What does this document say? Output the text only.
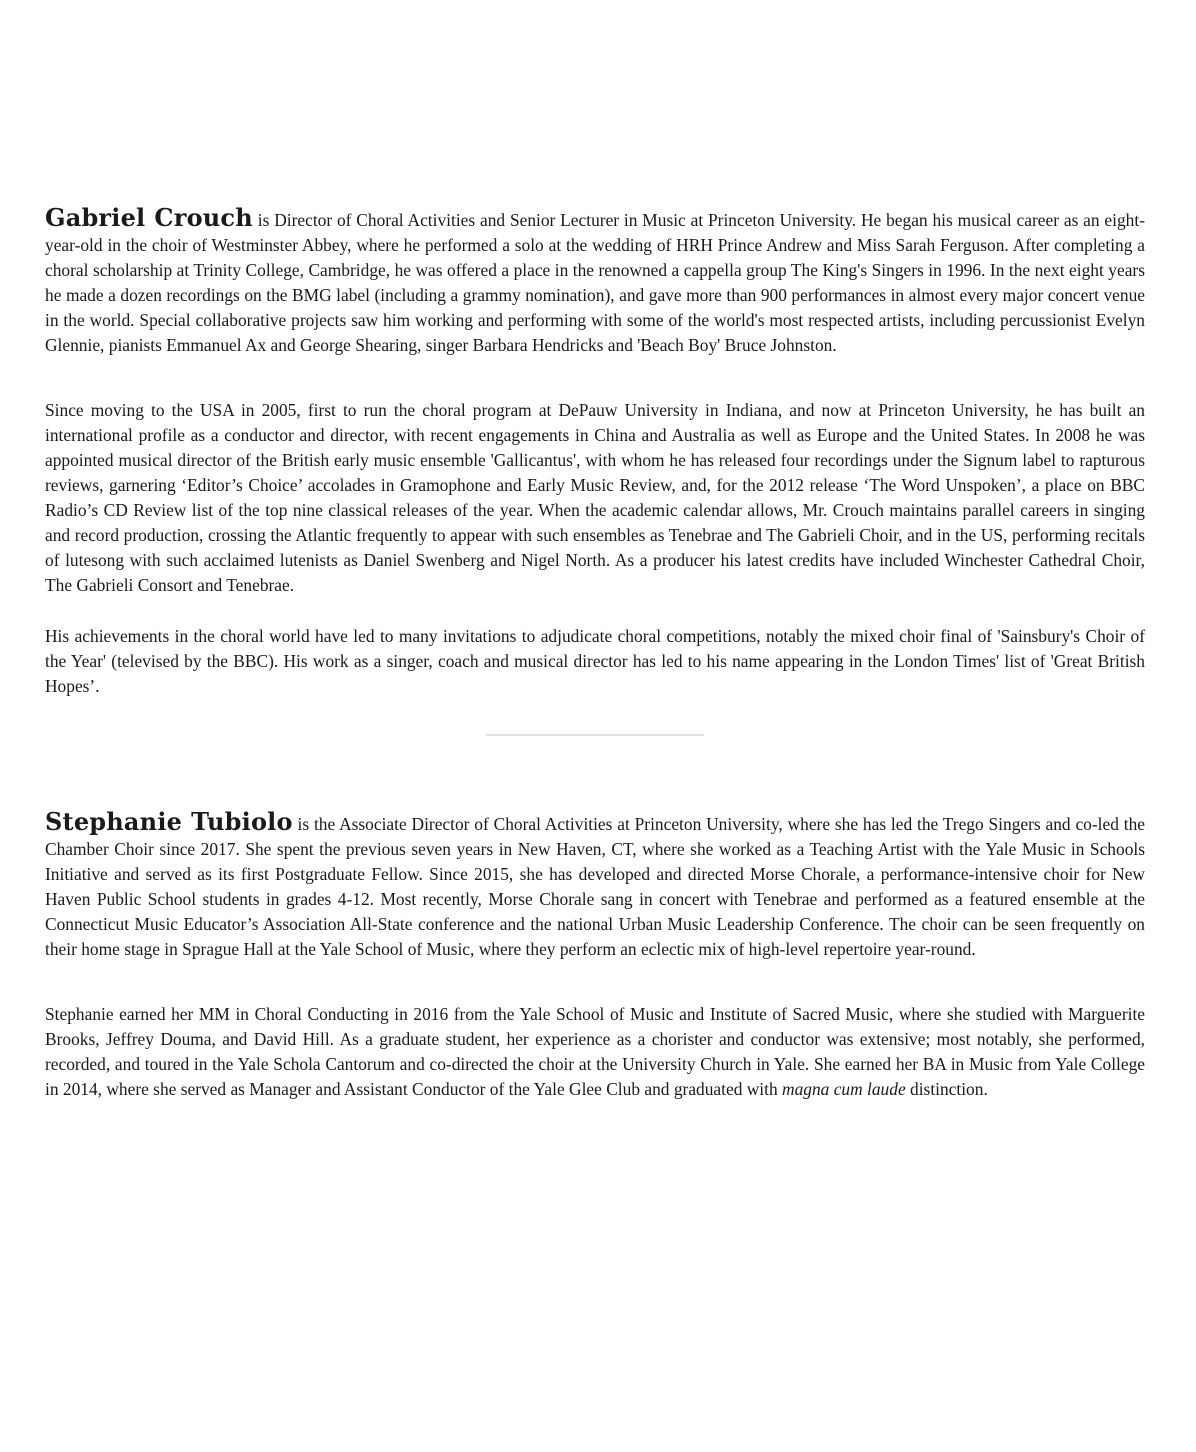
Gabriel Crouch is Director of Choral Activities and Senior Lecturer in Music at Princeton University. He began his musical career as an eight-year-old in the choir of Westminster Abbey, where he performed a solo at the wedding of HRH Prince Andrew and Miss Sarah Ferguson. After completing a choral scholarship at Trinity College, Cambridge, he was offered a place in the renowned a cappella group The King's Singers in 1996. In the next eight years he made a dozen recordings on the BMG label (including a grammy nomination), and gave more than 900 performances in almost every major concert venue in the world. Special collaborative projects saw him working and performing with some of the world's most respected artists, including percussionist Evelyn Glennie, pianists Emmanuel Ax and George Shearing, singer Barbara Hendricks and 'Beach Boy' Bruce Johnston.

Since moving to the USA in 2005, first to run the choral program at DePauw University in Indiana, and now at Princeton University, he has built an international profile as a conductor and director, with recent engagements in China and Australia as well as Europe and the United States. In 2008 he was appointed musical director of the British early music ensemble 'Gallicantus', with whom he has released four recordings under the Signum label to rapturous reviews, garnering ‘Editor’s Choice’ accolades in Gramophone and Early Music Review, and, for the 2012 release ‘The Word Unspoken’, a place on BBC Radio’s CD Review list of the top nine classical releases of the year. When the academic calendar allows, Mr. Crouch maintains parallel careers in singing and record production, crossing the Atlantic frequently to appear with such ensembles as Tenebrae and The Gabrieli Choir, and in the US, performing recitals of lutesong with such acclaimed lutenists as Daniel Swenberg and Nigel North. As a producer his latest credits have included Winchester Cathedral Choir, The Gabrieli Consort and Tenebrae.

His achievements in the choral world have led to many invitations to adjudicate choral competitions, notably the mixed choir final of 'Sainsbury's Choir of the Year' (televised by the BBC). His work as a singer, coach and musical director has led to his name appearing in the London Times' list of 'Great British Hopes’.

Stephanie Tubiolo is the Associate Director of Choral Activities at Princeton University, where she has led the Trego Singers and co-led the Chamber Choir since 2017. She spent the previous seven years in New Haven, CT, where she worked as a Teaching Artist with the Yale Music in Schools Initiative and served as its first Postgraduate Fellow. Since 2015, she has developed and directed Morse Chorale, a performance-intensive choir for New Haven Public School students in grades 4-12. Most recently, Morse Chorale sang in concert with Tenebrae and performed as a featured ensemble at the Connecticut Music Educator’s Association All-State conference and the national Urban Music Leadership Conference. The choir can be seen frequently on their home stage in Sprague Hall at the Yale School of Music, where they perform an eclectic mix of high-level repertoire year-round.

Stephanie earned her MM in Choral Conducting in 2016 from the Yale School of Music and Institute of Sacred Music, where she studied with Marguerite Brooks, Jeffrey Douma, and David Hill. As a graduate student, her experience as a chorister and conductor was extensive; most notably, she performed, recorded, and toured in the Yale Schola Cantorum and co-directed the choir at the University Church in Yale. She earned her BA in Music from Yale College in 2014, where she served as Manager and Assistant Conductor of the Yale Glee Club and graduated with magna cum laude distinction.
